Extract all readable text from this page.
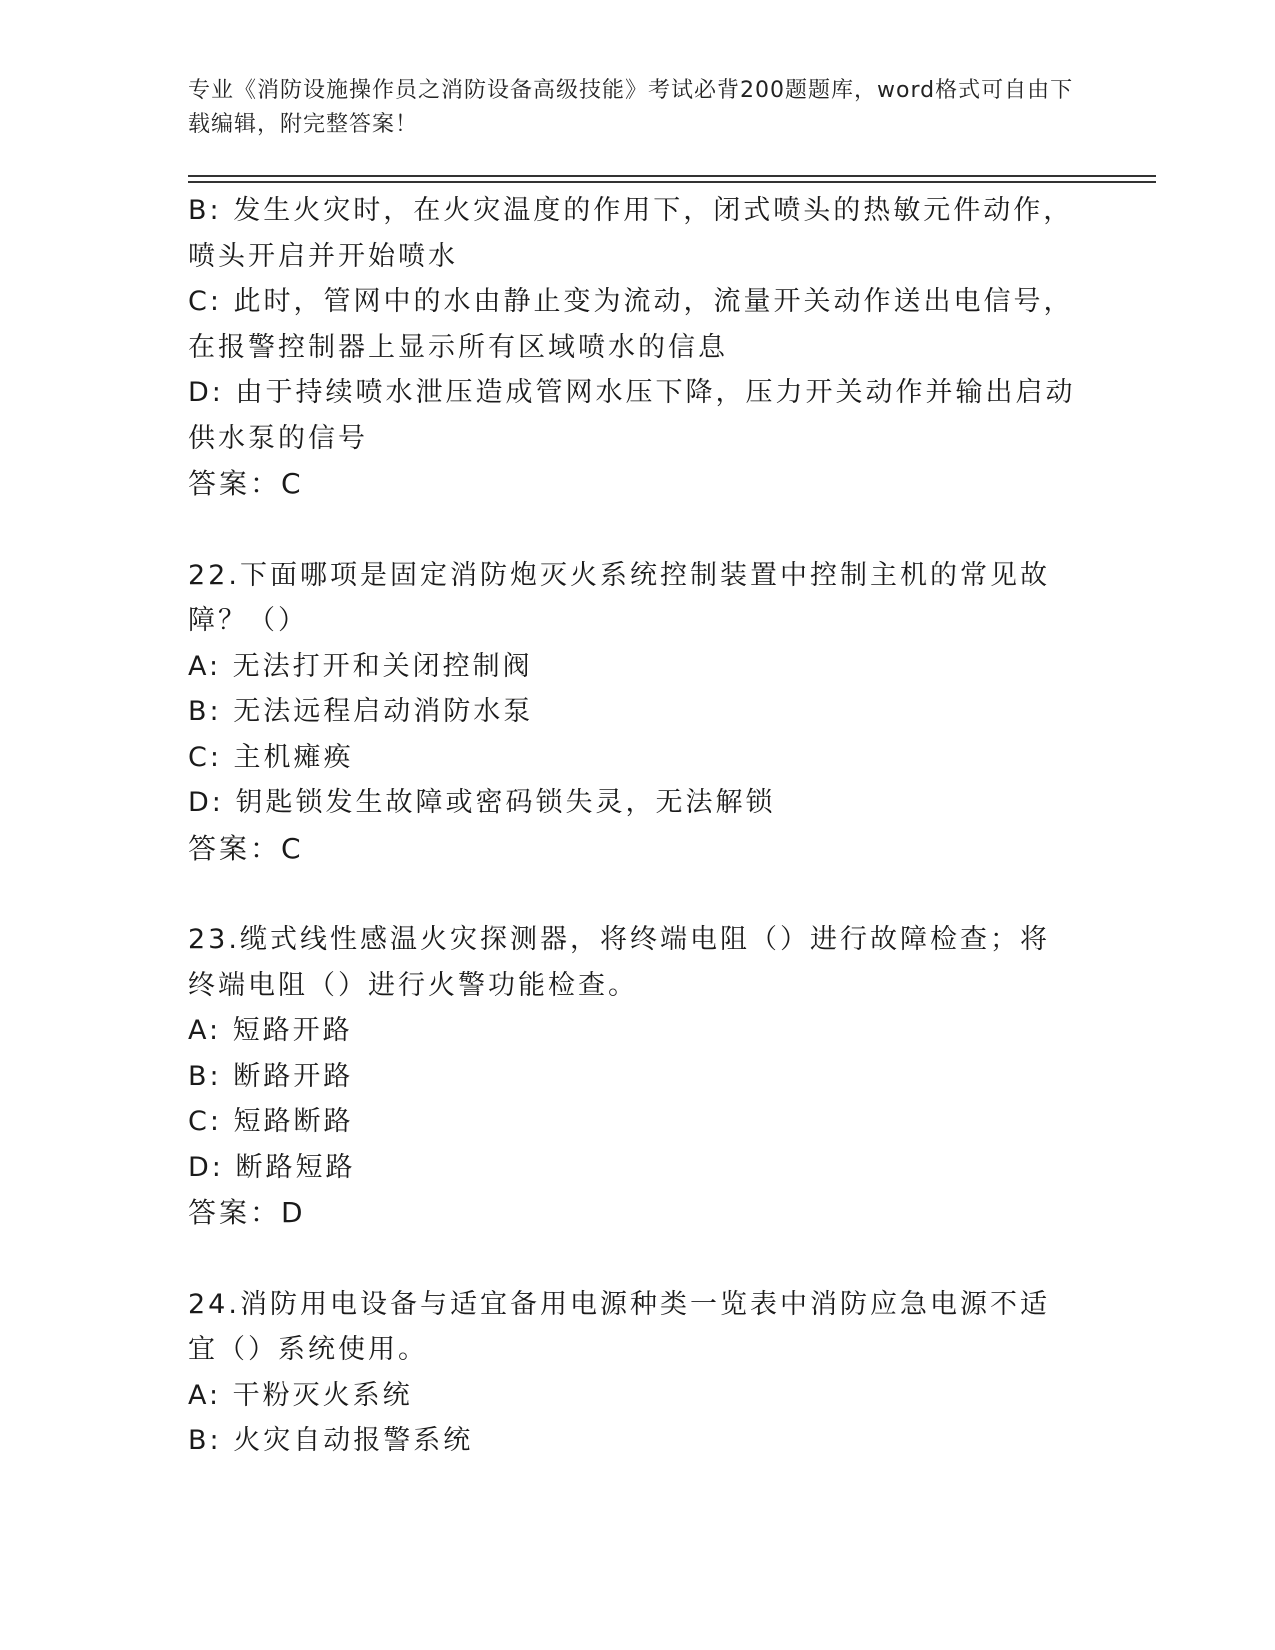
专业《消防设施操作员之消防设备高级技能》考试必背200题题库，word格式可自由下载编辑，附完整答案！

B: 发生火灾时，在火灾温度的作用下，闭式喷头的热敏元件动作，喷头开启并开始喷水

C: 此时，管网中的水由静止变为流动，流量开关动作送出电信号，在报警控制器上显示所有区域喷水的信息

D: 由于持续喷水泄压造成管网水压下降，压力开关动作并输出启动供水泵的信号

答案：C

22.下面哪项是固定消防炮灭火系统控制装置中控制主机的常见故障？（）

A: 无法打开和关闭控制阀

B: 无法远程启动消防水泵

C: 主机瘫痪

D: 钥匙锁发生故障或密码锁失灵，无法解锁

答案：C

23.缆式线性感温火灾探测器，将终端电阻（）进行故障检查；将终端电阻（）进行火警功能检查。

A: 短路开路

B: 断路开路

C: 短路断路

D: 断路短路

答案：D

24.消防用电设备与适宜备用电源种类一览表中消防应急电源不适宜（）系统使用。

A: 干粉灭火系统

B: 火灾自动报警系统
